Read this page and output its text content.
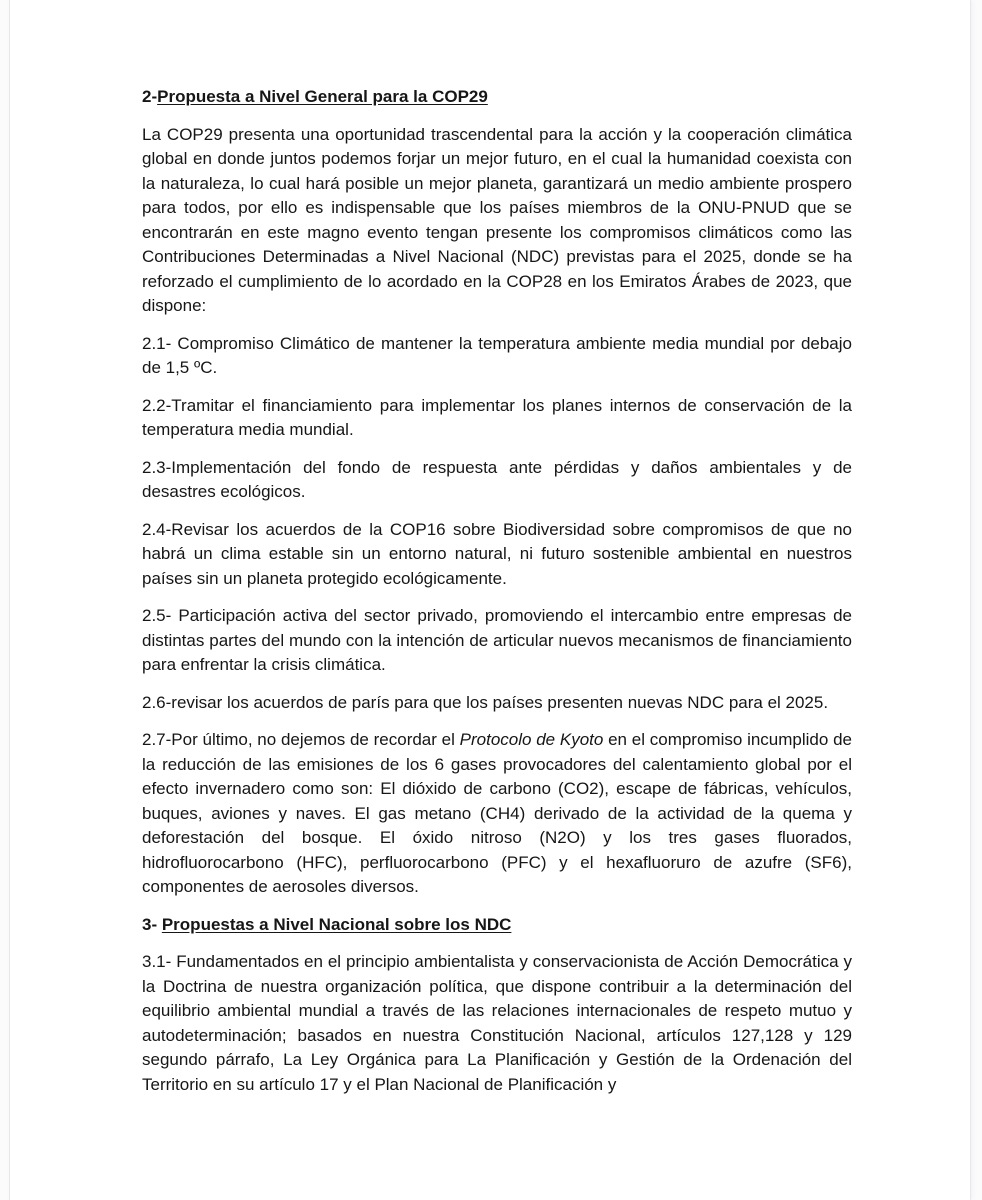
2-Propuesta a Nivel General para la COP29

La COP29 presenta una oportunidad trascendental para la acción y la cooperación climática global en donde juntos podemos forjar un mejor futuro, en el cual la humanidad coexista con la naturaleza, lo cual hará posible un mejor planeta, garantizará un medio ambiente prospero para todos, por ello es indispensable que los países miembros de la ONU-PNUD que se encontrarán en este magno evento tengan presente los compromisos climáticos como las Contribuciones Determinadas a Nivel Nacional (NDC) previstas para el 2025, donde se ha reforzado el cumplimiento de lo acordado en la COP28 en los Emiratos Árabes de 2023, que dispone:

2.1- Compromiso Climático de mantener la temperatura ambiente media mundial por debajo de 1,5 ºC.

2.2-Tramitar el financiamiento para implementar los planes internos de conservación de la temperatura media mundial.

2.3-Implementación del fondo de respuesta ante pérdidas y daños ambientales y de desastres ecológicos.

2.4-Revisar los acuerdos de la COP16 sobre Biodiversidad sobre compromisos de que no habrá un clima estable sin un entorno natural, ni futuro sostenible ambiental en nuestros países sin un planeta protegido ecológicamente.

2.5- Participación activa del sector privado, promoviendo el intercambio entre empresas de distintas partes del mundo con la intención de articular nuevos mecanismos de financiamiento para enfrentar la crisis climática.

2.6-revisar los acuerdos de parís para que los países presenten nuevas NDC para el 2025.

2.7-Por último, no dejemos de recordar el Protocolo de Kyoto en el compromiso incumplido de la reducción de las emisiones de los 6 gases provocadores del calentamiento global por el efecto invernadero como son: El dióxido de carbono (CO2), escape de fábricas, vehículos, buques, aviones y naves. El gas metano (CH4) derivado de la actividad de la quema y deforestación del bosque. El óxido nitroso (N2O) y los tres gases fluorados, hidrofluorocarbono (HFC), perfluorocarbono (PFC) y el hexafluoruro de azufre (SF6), componentes de aerosoles diversos.

3- Propuestas a Nivel Nacional sobre los NDC

3.1- Fundamentados en el principio ambientalista y conservacionista de Acción Democrática y la Doctrina de nuestra organización política, que dispone contribuir a la determinación del equilibrio ambiental mundial a través de las relaciones internacionales de respeto mutuo y autodeterminación; basados en nuestra Constitución Nacional, artículos 127,128 y 129 segundo párrafo, La Ley Orgánica para La Planificación y Gestión de la Ordenación del Territorio en su artículo 17 y el Plan Nacional de Planificación y
